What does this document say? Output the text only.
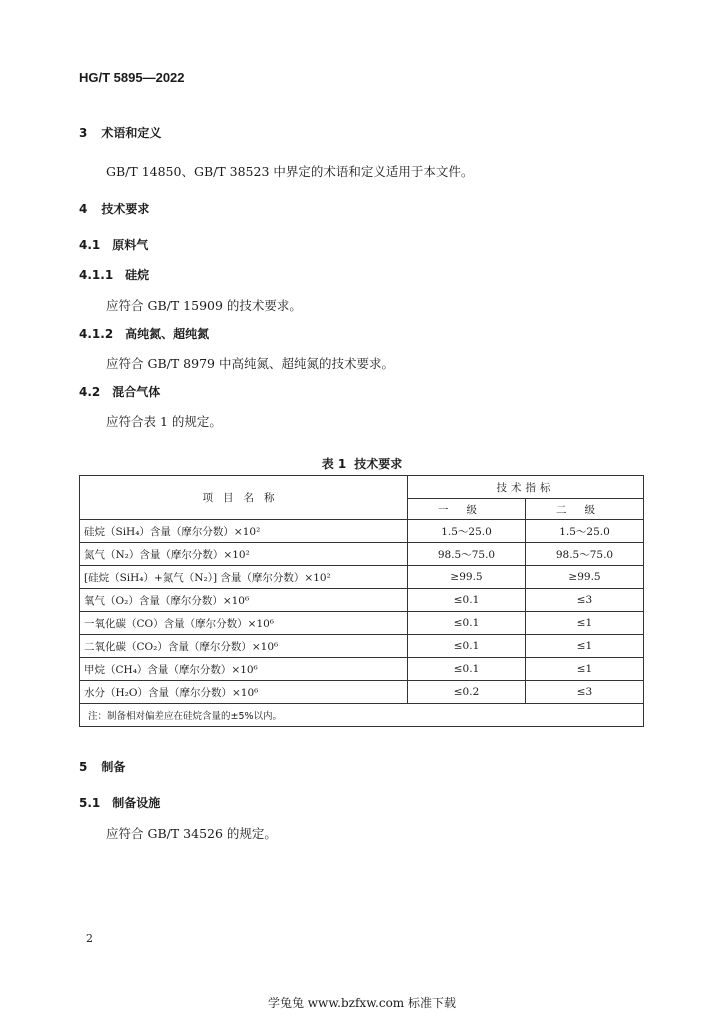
HG/T 5895—2022
3 术语和定义
GB/T 14850、GB/T 38523 中界定的术语和定义适用于本文件。
4 技术要求
4.1 原料气
4.1.1 硅烷
应符合 GB/T 15909 的技术要求。
4.1.2 高纯氮、超纯氮
应符合 GB/T 8979 中高纯氮、超纯氮的技术要求。
4.2 混合气体
应符合表 1 的规定。
表 1 技术要求
项目名称	技术指标	
	一级	二级
硅烷（SiH₄）含量（摩尔分数）×10²	1.5～25.0	1.5～25.0
氮气（N₂）含量（摩尔分数）×10²	98.5～75.0	98.5～75.0
[硅烷（SiH₄）+氮气（N₂）] 含量（摩尔分数）×10²	≥99.5	≥99.5
氧气（O₂）含量（摩尔分数）×10⁶	≤0.1	≤3
一氧化碳（CO）含量（摩尔分数）×10⁶	≤0.1	≤1
二氧化碳（CO₂）含量（摩尔分数）×10⁶	≤0.1	≤1
甲烷（CH₄）含量（摩尔分数）×10⁶	≤0.1	≤1
水分（H₂O）含量（摩尔分数）×10⁶	≤0.2	≤3
注：制备相对偏差应在硅烷含量的±5%以内。		
5 制备
5.1 制备设施
应符合 GB/T 34526 的规定。
2
学兔兔 www.bzfxw.com 标准下载
